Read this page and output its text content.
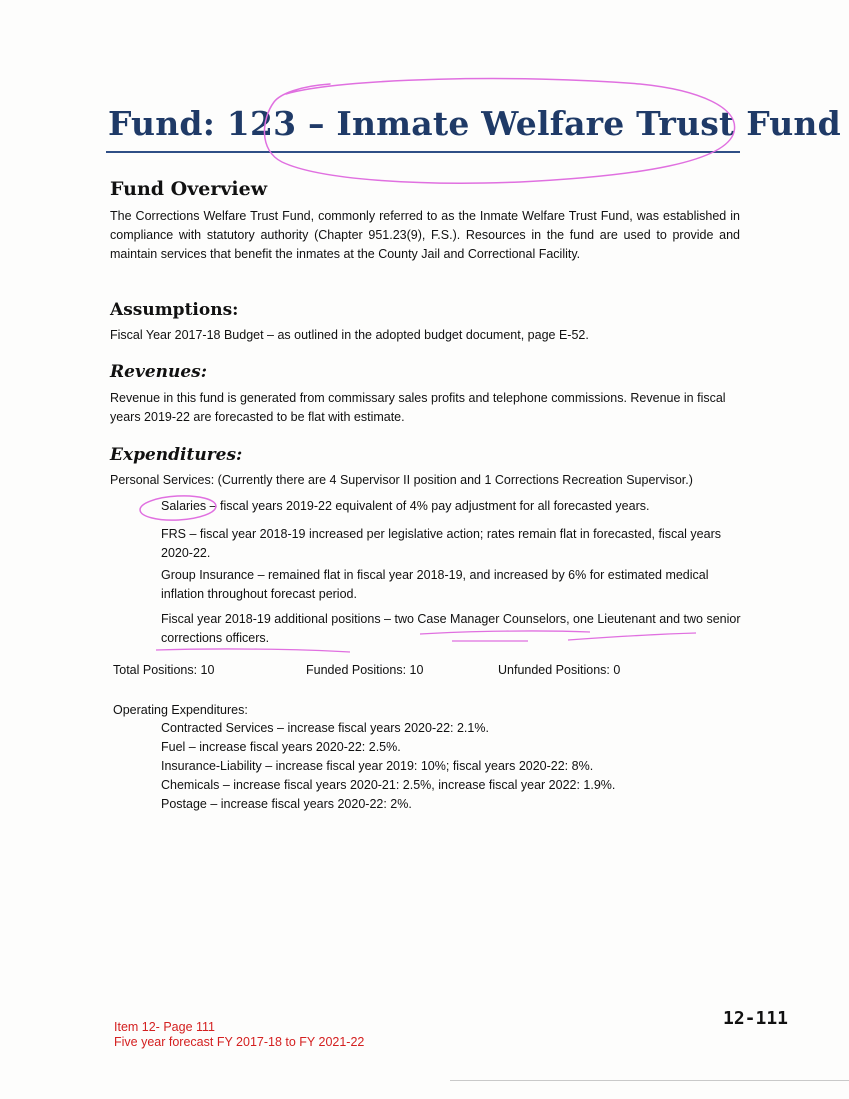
Fund: 123 – Inmate Welfare Trust Fund
Fund Overview

The Corrections Welfare Trust Fund, commonly referred to as the Inmate Welfare Trust Fund, was established in compliance with statutory authority (Chapter 951.23(9), F.S.). Resources in the fund are used to provide and maintain services that benefit the inmates at the County Jail and Correctional Facility.

Assumptions:

Fiscal Year 2017-18 Budget – as outlined in the adopted budget document, page E-52.

Revenues:

Revenue in this fund is generated from commissary sales profits and telephone commissions. Revenue in fiscal years 2019-22 are forecasted to be flat with estimate.

Expenditures:

Personal Services: (Currently there are 4 Supervisor II position and 1 Corrections Recreation Supervisor.)

Salaries – fiscal years 2019-22 equivalent of 4% pay adjustment for all forecasted years.

FRS – fiscal year 2018-19 increased per legislative action; rates remain flat in forecasted, fiscal years 2020-22.

Group Insurance – remained flat in fiscal year 2018-19, and increased by 6% for estimated medical inflation throughout forecast period.

Fiscal year 2018-19 additional positions – two Case Manager Counselors, one Lieutenant and two senior corrections officers.

Total Positions: 10	Funded Positions: 10	Unfunded Positions: 0

Operating Expenditures:

Contracted Services – increase fiscal years 2020-22: 2.1%.
Fuel – increase fiscal years 2020-22: 2.5%.
Insurance-Liability – increase fiscal year 2019: 10%; fiscal years 2020-22: 8%.
Chemicals – increase fiscal years 2020-21: 2.5%, increase fiscal year 2022: 1.9%.
Postage – increase fiscal years 2020-22: 2%.
Item 12- Page 111
Five year forecast FY 2017-18 to FY 2021-22
12-111
